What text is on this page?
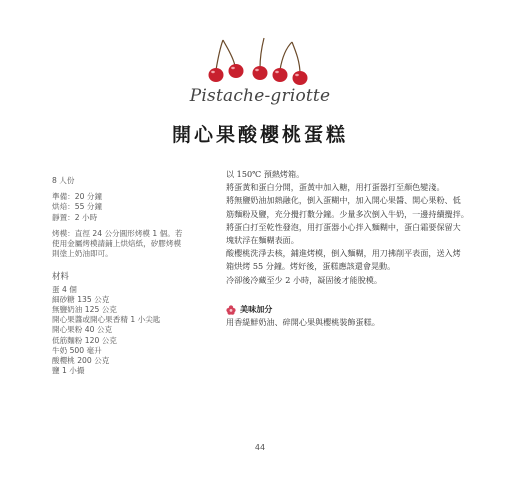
Pistache-griotte
開心果酸櫻桃蛋糕
8 人份
準備：20 分鐘
烘焙：55 分鐘
靜置：2 小時
烤模：直徑 24 公分圓形烤模 1 個。若
使用金屬烤模請鋪上烘焙紙，矽膠烤模
則塗上奶油即可。
材料
蛋 4 個
細砂糖 135 公克
無鹽奶油 125 公克
開心果醬或開心果香精 1 小尖匙
開心果粉 40 公克
低筋麵粉 120 公克
牛奶 500 毫升
酸櫻桃 200 公克
鹽 1 小撮
以 150℃ 預熱烤箱。
將蛋黃和蛋白分開，蛋黃中加入糖，用打蛋器打至顏色變淺。
將無鹽奶油加熱融化，倒入蛋糊中，加入開心果醬、開心果粉、低
筋麵粉及鹽，充分攪打數分鐘。少量多次倒入牛奶，一邊持續攪拌。
將蛋白打至乾性發泡，用打蛋器小心拌入麵糊中，蛋白霜要保留大
塊狀浮在麵糊表面。
酸櫻桃洗淨去核，鋪進烤模，倒入麵糊，用刀拂削平表面，送入烤
箱烘烤 55 分鐘。烤好後，蛋糕應該還會晃動。
冷卻後冷藏至少 2 小時，凝固後才能脫模。
美味加分
用香緹鮮奶油、碎開心果與櫻桃裝飾蛋糕。
44
